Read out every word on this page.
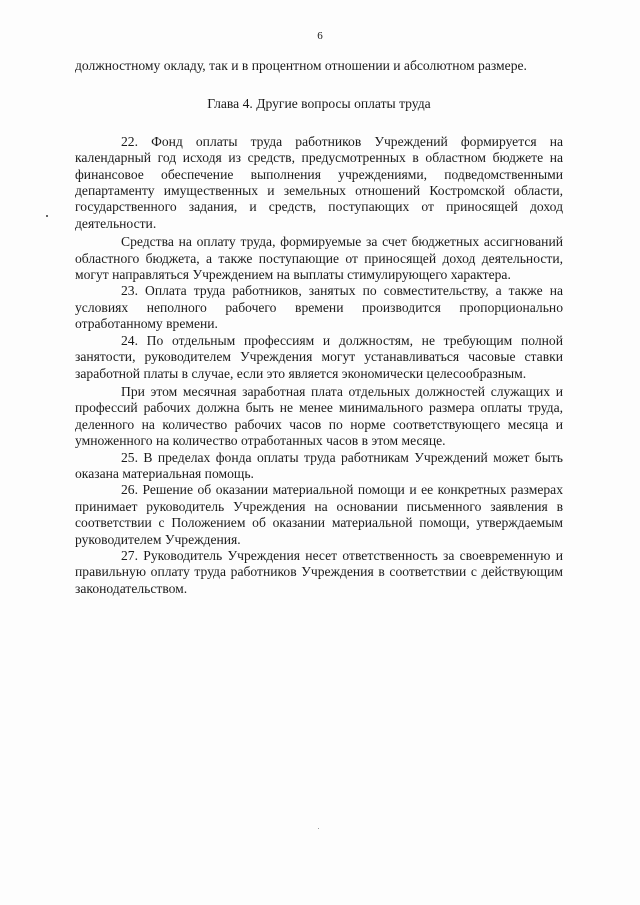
6

должностному окладу, так и в процентном отношении и абсолютном размере.

Глава 4. Другие вопросы оплаты труда

22. Фонд оплаты труда работников Учреждений формируется на календарный год исходя из средств, предусмотренных в областном бюджете на финансовое обеспечение выполнения учреждениями, подведомственными департаменту имущественных и земельных отношений Костромской области, государственного задания, и средств, поступающих от приносящей доход деятельности.

Средства на оплату труда, формируемые за счет бюджетных ассигнований областного бюджета, а также поступающие от приносящей доход деятельности, могут направляться Учреждением на выплаты стимулирующего характера.

23. Оплата труда работников, занятых по совместительству, а также на условиях неполного рабочего времени производится пропорционально отработанному времени.

24. По отдельным профессиям и должностям, не требующим полной занятости, руководителем Учреждения могут устанавливаться часовые ставки заработной платы в случае, если это является экономически целесообразным.

При этом месячная заработная плата отдельных должностей служащих и профессий рабочих должна быть не менее минимального размера оплаты труда, деленного на количество рабочих часов по норме соответствующего месяца и умноженного на количество отработанных часов в этом месяце.

25. В пределах фонда оплаты труда работникам Учреждений может быть оказана материальная помощь.

26. Решение об оказании материальной помощи и ее конкретных размерах принимает руководитель Учреждения на основании письменного заявления в соответствии с Положением об оказании материальной помощи, утверждаемым руководителем Учреждения.

27. Руководитель Учреждения несет ответственность за своевременную и правильную оплату труда работников Учреждения в соответствии с действующим законодательством.
